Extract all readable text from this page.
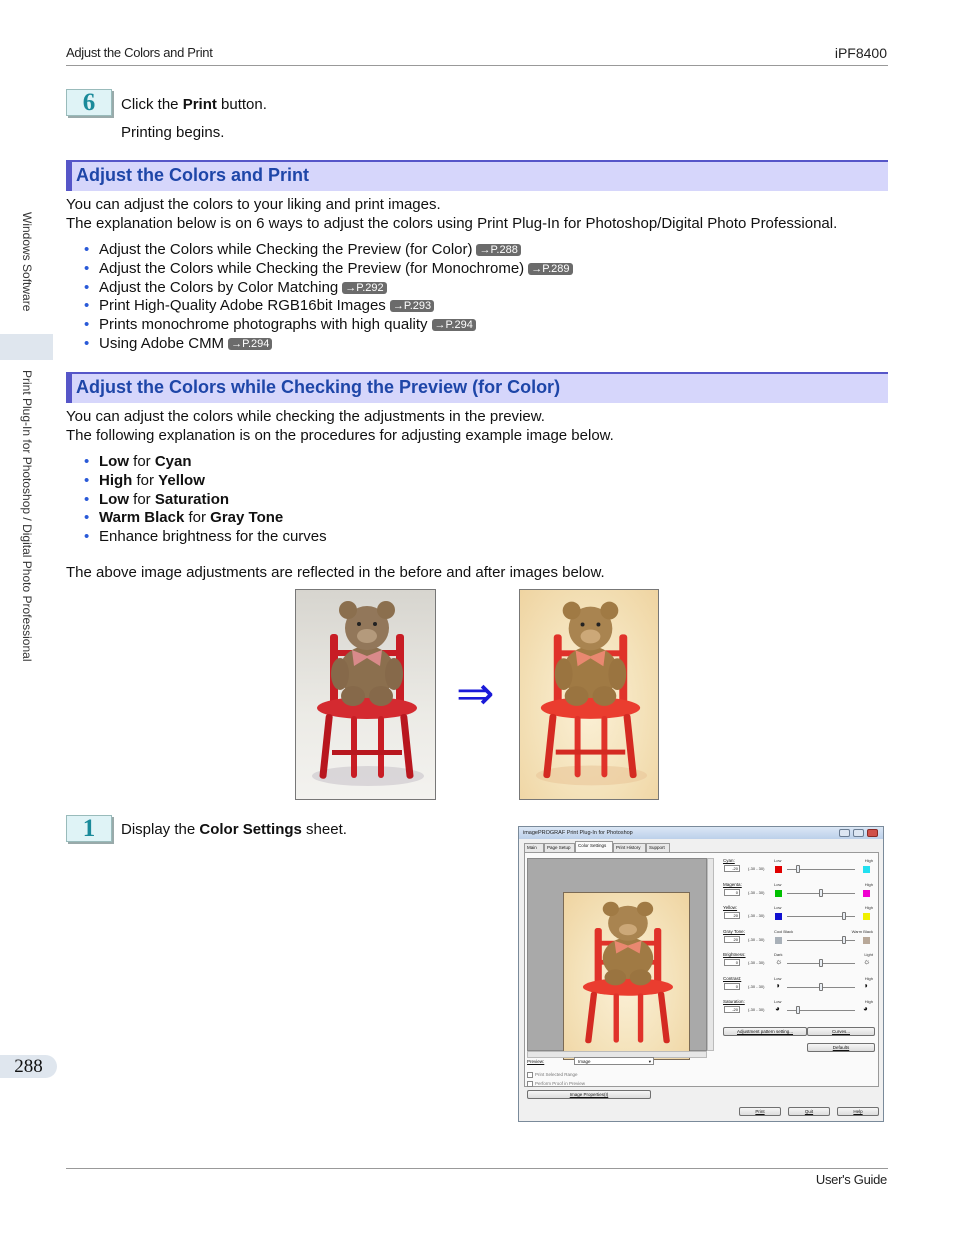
Adjust the Colors and Print	iPF8400
User's Guide
288
Windows Software
Print Plug-In for Photoshop / Digital Photo Professional
6	Click the Print button.
Printing begins.
Adjust the Colors and Print
You can adjust the colors to your liking and print images.
The explanation below is on 6 ways to adjust the colors using Print Plug-In for Photoshop/Digital Photo Professional.
• Adjust the Colors while Checking the Preview (for Color) →P.288
• Adjust the Colors while Checking the Preview (for Monochrome) →P.289
• Adjust the Colors by Color Matching →P.292
• Print High-Quality Adobe RGB16bit Images →P.293
• Prints monochrome photographs with high quality →P.294
• Using Adobe CMM →P.294
Adjust the Colors while Checking the Preview (for Color)
You can adjust the colors while checking the adjustments in the preview.
The following explanation is on the procedures for adjusting example image below.
• Low for Cyan
• High for Yellow
• Low for Saturation
• Warm Black for Gray Tone
• Enhance brightness for the curves
The above image adjustments are reflected in the before and after images below.
⇒
1	Display the Color Settings sheet.	imagePROGRAF Print Plug-In for Photoshop
Main	Page Setup	Color Settings	Print History	Support
Cyan:	Low	High
-20	(-30 - 30)
Magenta:	Low	High
0	(-30 - 30)
Yellow:	Low	High
20	(-30 - 30)
Gray Tone:	Cool Black	Warm Black
20	(-30 - 30)
Brightness:	Dark	Light
0	(-30 - 30) ☼	☼
Contrast:	Low	High
0	(-30 - 30) ◑	◑
Saturation:	Low	High
-20	(-30 - 30) ◕	◕
Adjustment pattern setting...	Curves...
Defaults
Preview:	Image	▾
Print Selected Range
Perform Proof in Preview
Image Properties(I)
Print	Quit	Help
